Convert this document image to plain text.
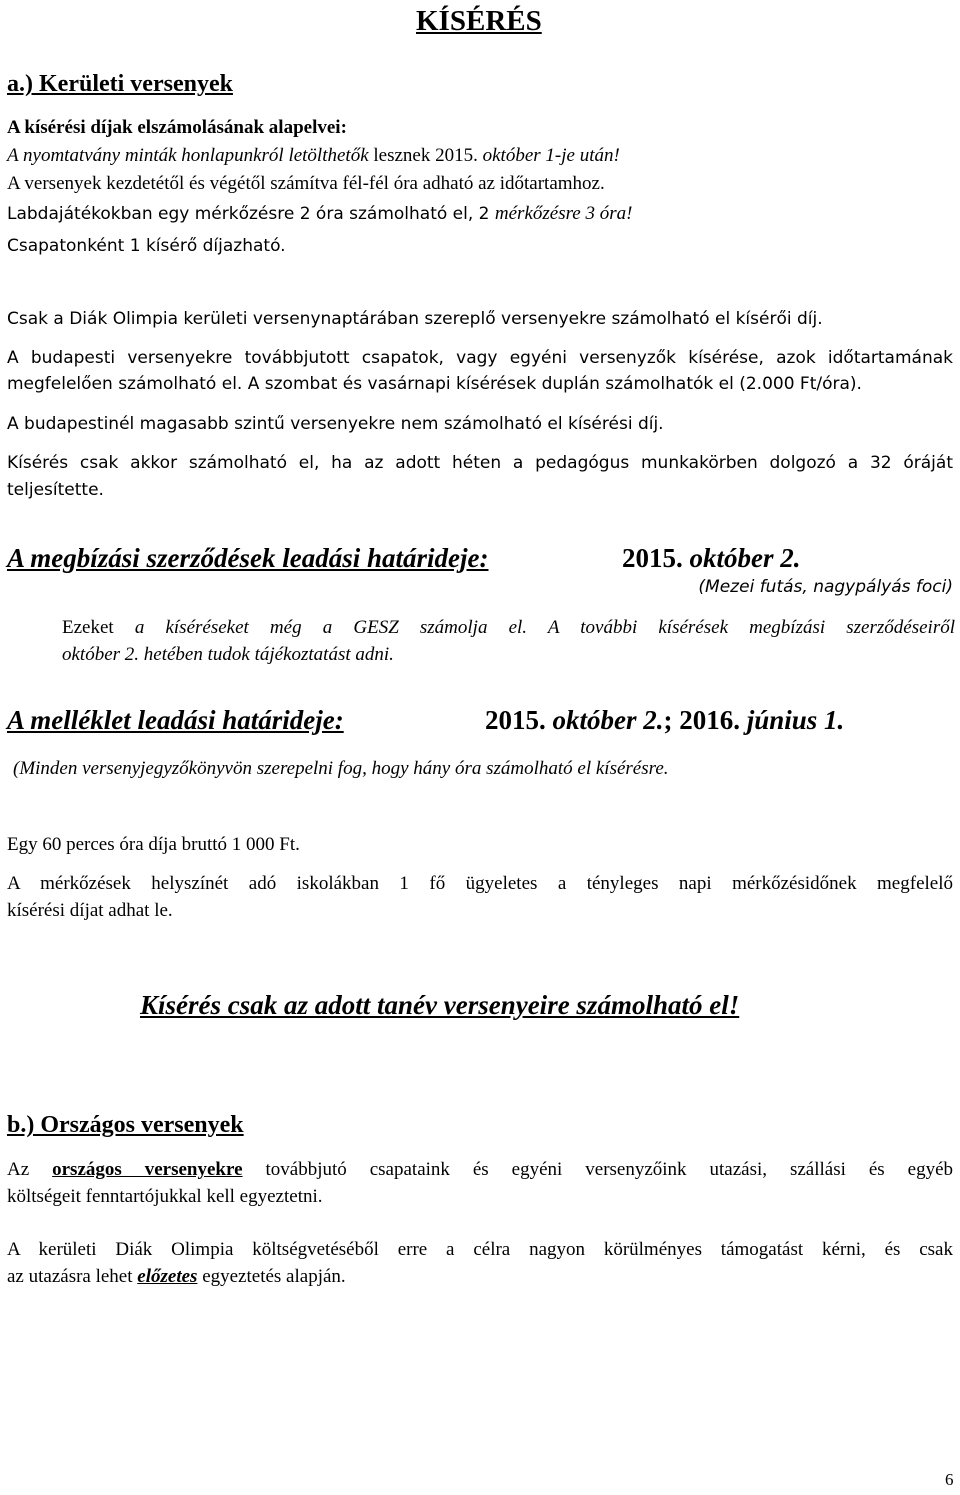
KÍSÉRÉS
a.) Kerületi versenyek
A kísérési díjak elszámolásának alapelvei:
A nyomtatvány minták honlapunkról letölthetők lesznek 2015. október 1-je után!
A versenyek kezdetétől és végétől számítva fél-fél óra adható az időtartamhoz.
Labdajátékokban egy mérkőzésre 2 óra számolható el, 2 mérkőzésre 3 óra!
Csapatonként 1 kísérő díjazható.
Csak a Diák Olimpia kerületi versenynaptárában szereplő versenyekre számolható el kísérői díj.
A budapesti versenyekre továbbjutott csapatok, vagy egyéni versenyzők kísérése, azok időtartamának
megfelelően számolható el. A szombat és vasárnapi kísérések duplán számolhatók el (2.000 Ft/óra).
A budapestinél magasabb szintű versenyekre nem számolható el kísérési díj.
Kísérés csak akkor számolható el, ha az adott héten a pedagógus munkakörben dolgozó a 32 óráját
teljesítette.
A megbízási szerződések leadási határideje:	2015. október 2.
(Mezei futás, nagypályás foci)
Ezeket a kíséréseket még a GESZ számolja el. A további kísérések megbízási szerződéseiről
október 2. hetében tudok tájékoztatást adni.
A melléklet leadási határideje:	2015. október 2.; 2016. június 1.
(Minden versenyjegyzőkönyvön szerepelni fog, hogy hány óra számolható el kísérésre.
Egy 60 perces óra díja bruttó 1 000 Ft.
A mérkőzések helyszínét adó iskolákban 1 fő ügyeletes a tényleges napi mérkőzésidőnek megfelelő
kísérési díjat adhat le.
Kísérés csak az adott tanév versenyeire számolható el!
b.) Országos versenyek
Az országos versenyekre továbbjutó csapataink és egyéni versenyzőink utazási, szállási és egyéb
költségeit fenntartójukkal kell egyeztetni.
A kerületi Diák Olimpia költségvetéséből erre a célra nagyon körülményes támogatást kérni, és csak
az utazásra lehet előzetes egyeztetés alapján.
6
